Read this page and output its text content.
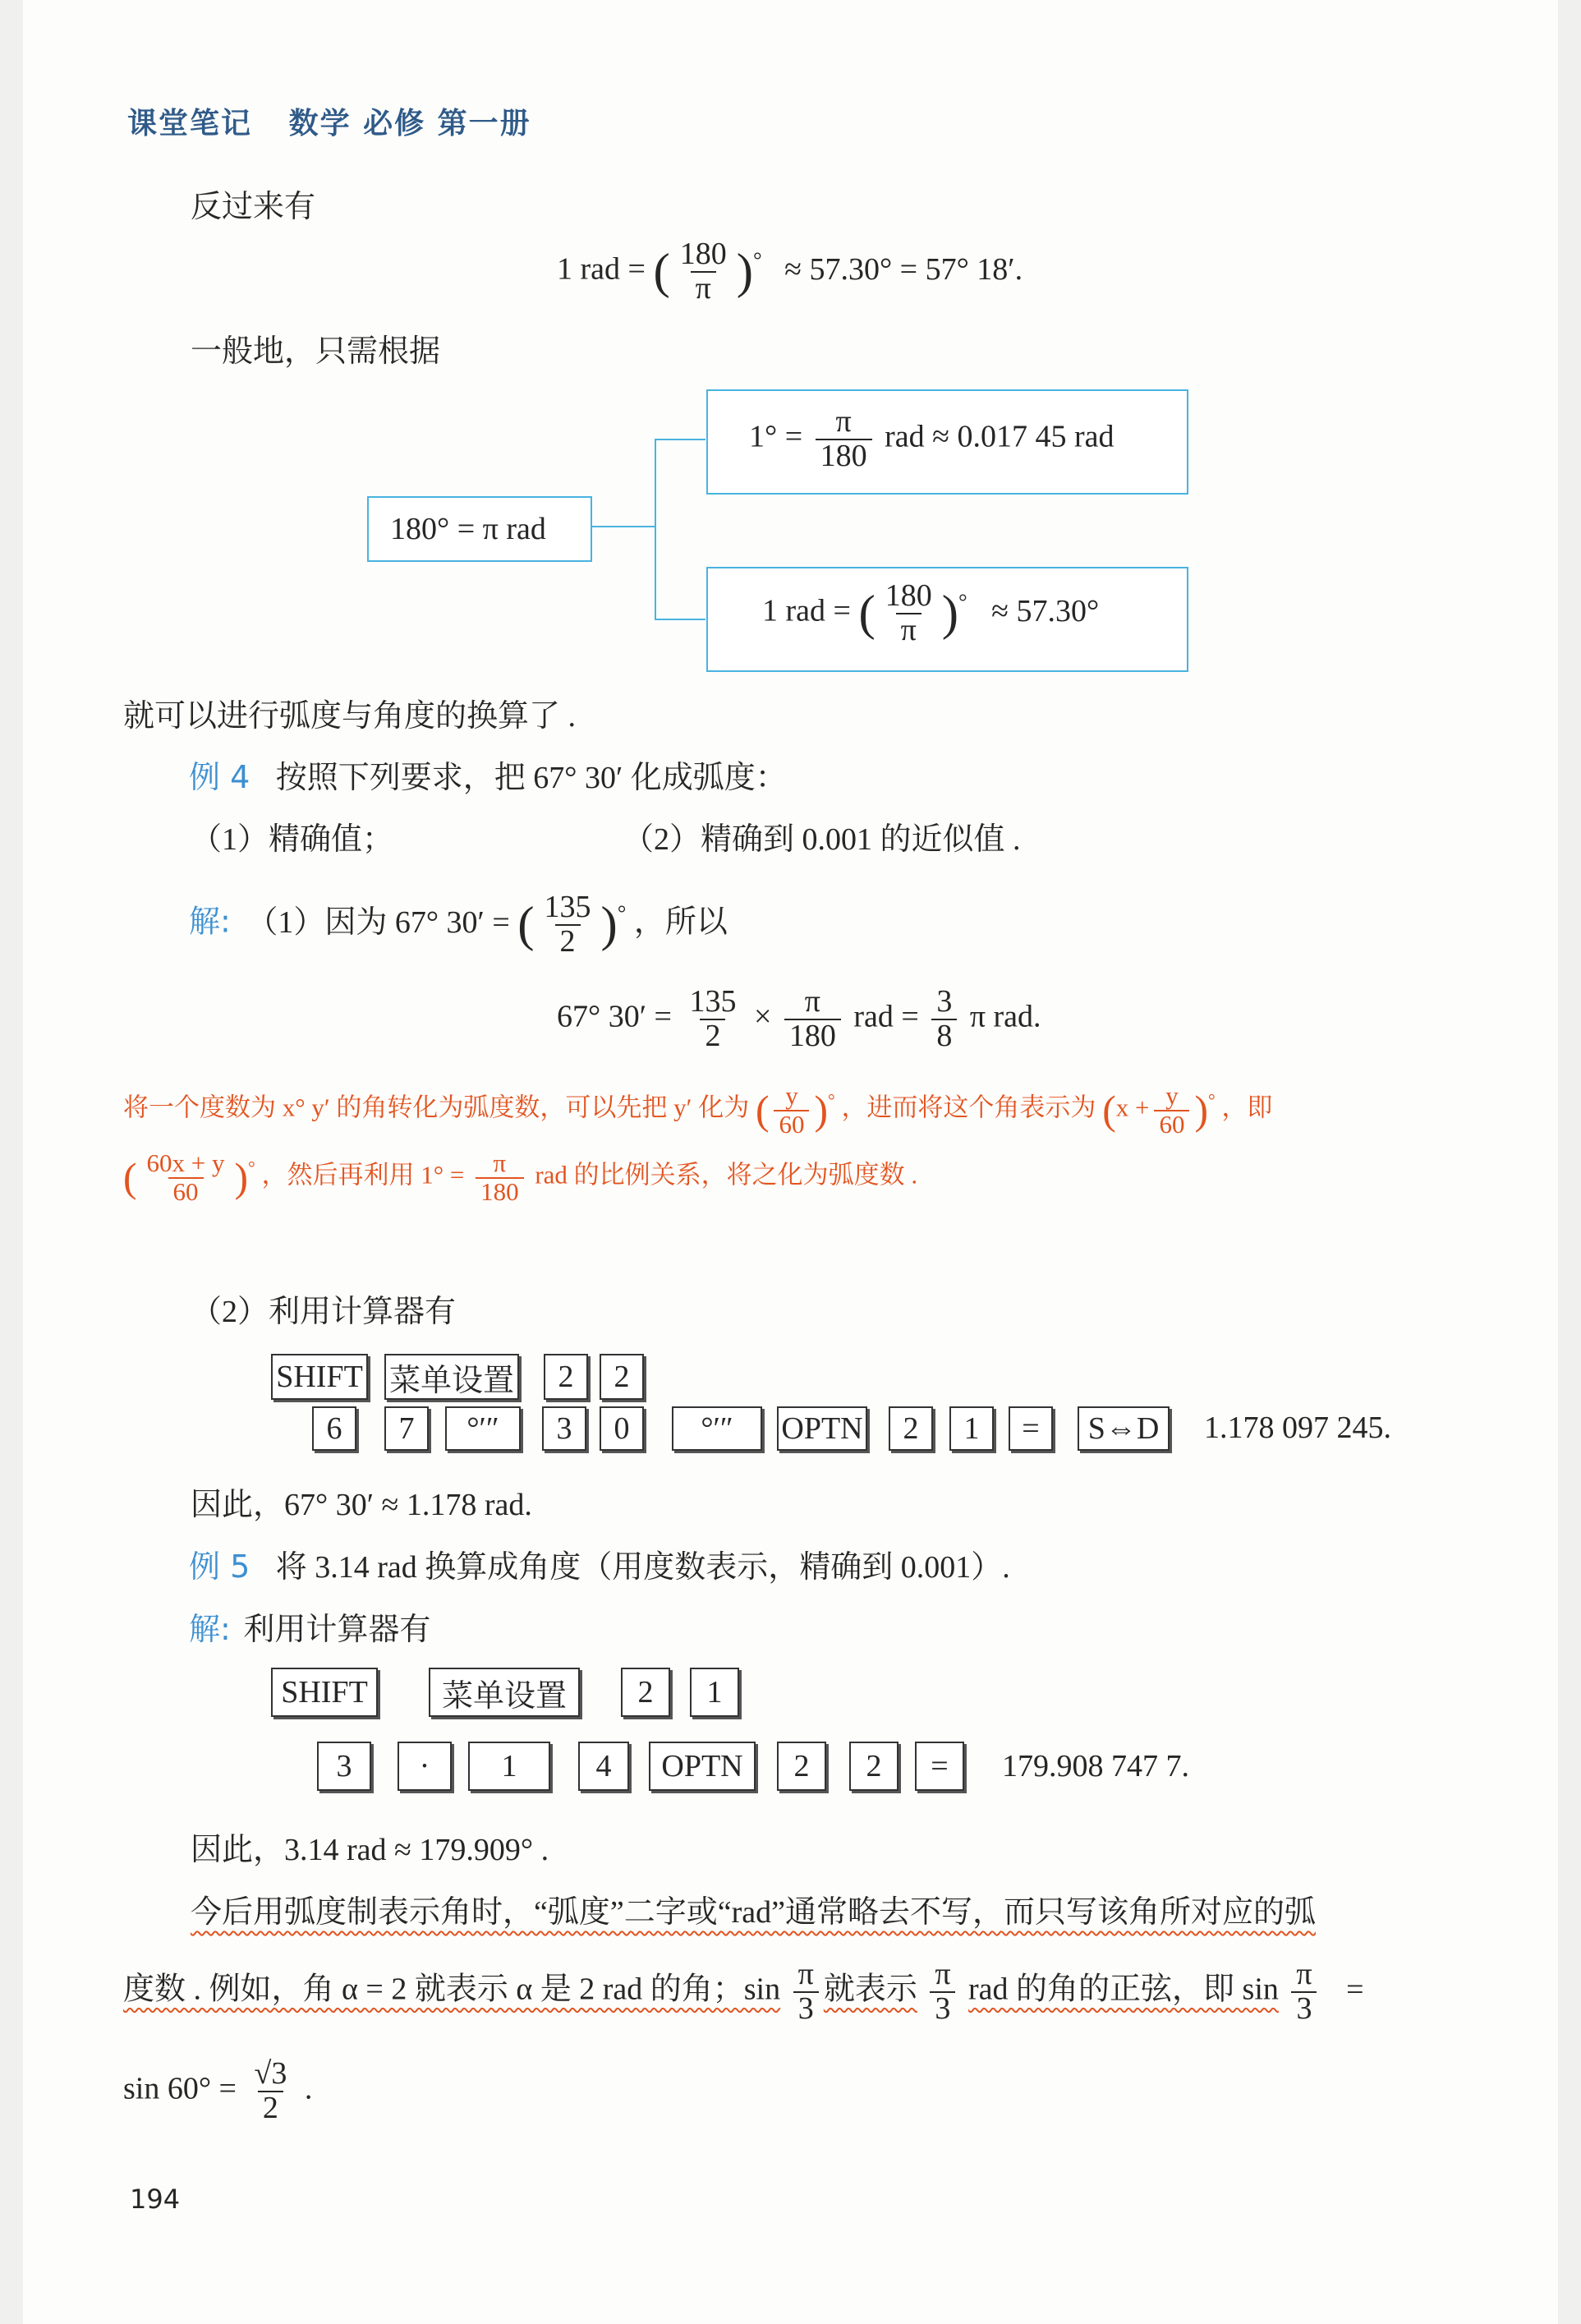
课堂笔记 数学 必修 第一册
反过来有
1 rad = ( $\frac{180}{\pi} )^\circ \approx 57.30^\circ = 57^\circ$ 18′.
一般地，只需根据
180° = π rad
$1^\circ = \frac{\pi}{180}$ rad ≈ 0.017 45 rad
1 rad = ( $\frac{180}{\pi} )^\circ \approx 57.30^\circ$
就可以进行弧度与角度的换算了 .
例 4 按照下列要求，把 67° 30′ 化成弧度：
（1）精确值；	（2）精确到 0.001 的近似值 .
解: （1）因为 67° 30′ = ( $\frac{135}{2} )^\circ$ ，所以
67° $30' = \frac{135}{2} \times \frac{\pi}{180}$ rad = $\frac{3}{8}$ π rad.
将一个度数为 x° y′ 的角转化为弧度数，可以先把 y′ 化为 ( $\frac{y}{60} )^\circ$ ，进而将这个角表示为 $(x + \frac{y}{60} )^\circ$ ，即
( $\frac{60x + y}{60} )^\circ$ ，然后再利用 $1^\circ = \frac{\pi}{180}$ rad 的比例关系，将之化为弧度数 .
（2）利用计算器有
SHIFT 菜单设置	2	2
6	7	°′″	3	0	°′″	OPTN	2	1	=	S⇔D	1.178 097 245.
因此，67° 30′ ≈ 1.178 rad.
例 5 将 3.14 rad 换算成角度（用度数表示，精确到 0.001）.
解: 利用计算器有
SHIFT	菜单设置	2	1
3	·	1	4	OPTN	2	2	=	179.908 747 7.
因此，3.14 rad ≈ 179.909° .
今后用弧度制表示角时，“弧度”二字或“rad”通常略去不写，而只写该角所对应的弧
度数 . 例如，角 α = 2 就表示 α 是 2 rad 的角；$\sin \frac{\pi}{3}$ 就表示 $\frac{\pi}{3}$ rad 的角的正弦，即 $\sin \frac{\pi}{3}$ =
$\sin 60^\circ = \frac{√3}{2}$ .
194
